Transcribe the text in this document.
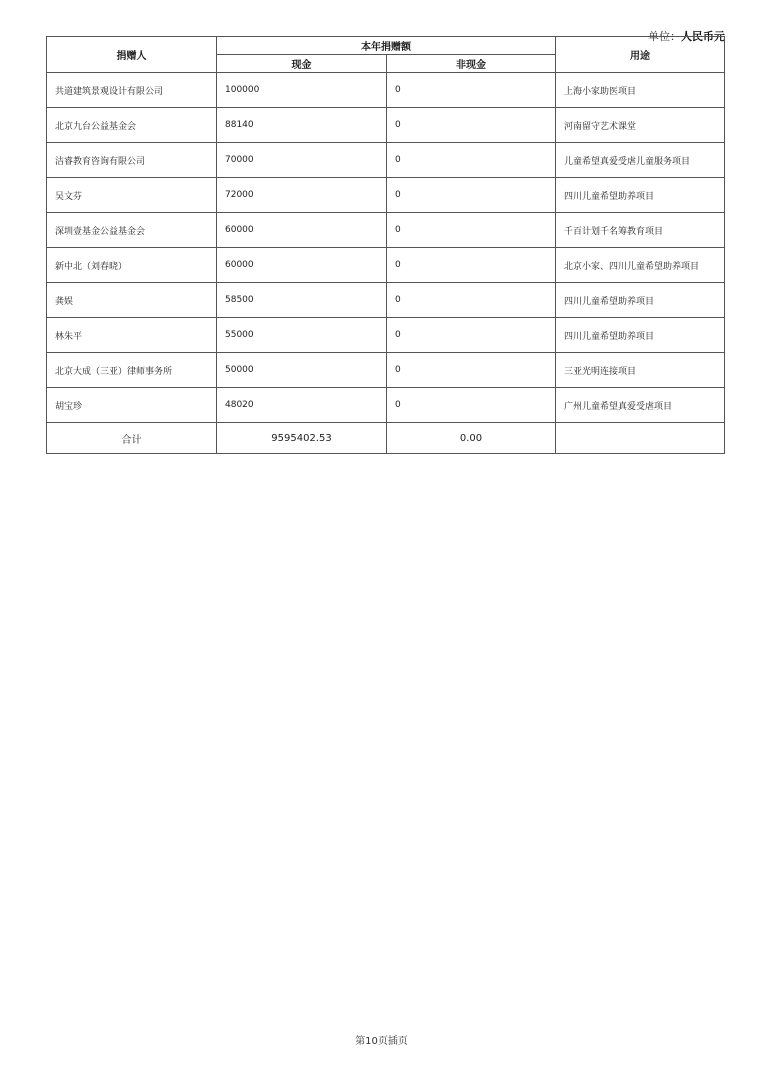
单位：人民币元
捐赠人	本年捐赠额		用途
	现金	非现金	
共道建筑景观设计有限公司	100000	0	上海小家助医项目
北京九台公益基金会	88140	0	河南留守艺术课堂
洁睿教育咨询有限公司	70000	0	儿童希望真爱受虐儿童服务项目
吴文芬	72000	0	四川儿童希望助养项目
深圳壹基金公益基金会	60000	0	千百计划千名筹教育项目
新中北（刘春晓）	60000	0	北京小家、四川儿童希望助养项目
龚娱	58500	0	四川儿童希望助养项目
林朱平	55000	0	四川儿童希望助养项目
北京大成（三亚）律师事务所	50000	0	三亚光明连接项目
胡宝珍	48020	0	广州儿童希望真爱受虐项目
合计	9595402.53	0.00	
第10页插页
